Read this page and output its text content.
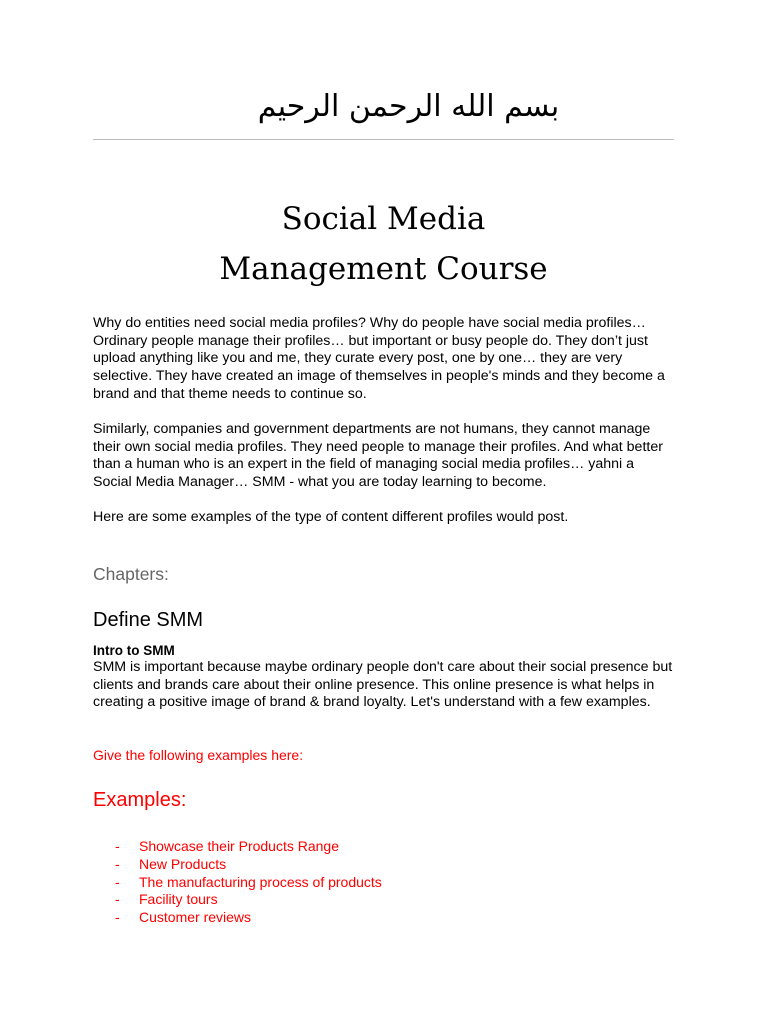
بسم الله الرحمن الرحيم
Social Media
Management Course

Why do entities need social media profiles? Why do people have social media profiles… Ordinary people manage their profiles… but important or busy people do. They don’t just upload anything like you and me, they curate every post, one by one… they are very selective. They have created an image of themselves in people's minds and they become a brand and that theme needs to continue so.

Similarly, companies and government departments are not humans, they cannot manage their own social media profiles. They need people to manage their profiles. And what better than a human who is an expert in the field of managing social media profiles… yahni a Social Media Manager… SMM - what you are today learning to become.

Here are some examples of the type of content different profiles would post.

Chapters:
Define SMM
Intro to SMM

SMM is important because maybe ordinary people don't care about their social presence but clients and brands care about their online presence. This online presence is what helps in creating a positive image of brand & brand loyalty. Let's understand with a few examples.

Give the following examples here:

Examples:
- Showcase their Products Range
- New Products
- The manufacturing process of products
- Facility tours
- Customer reviews
